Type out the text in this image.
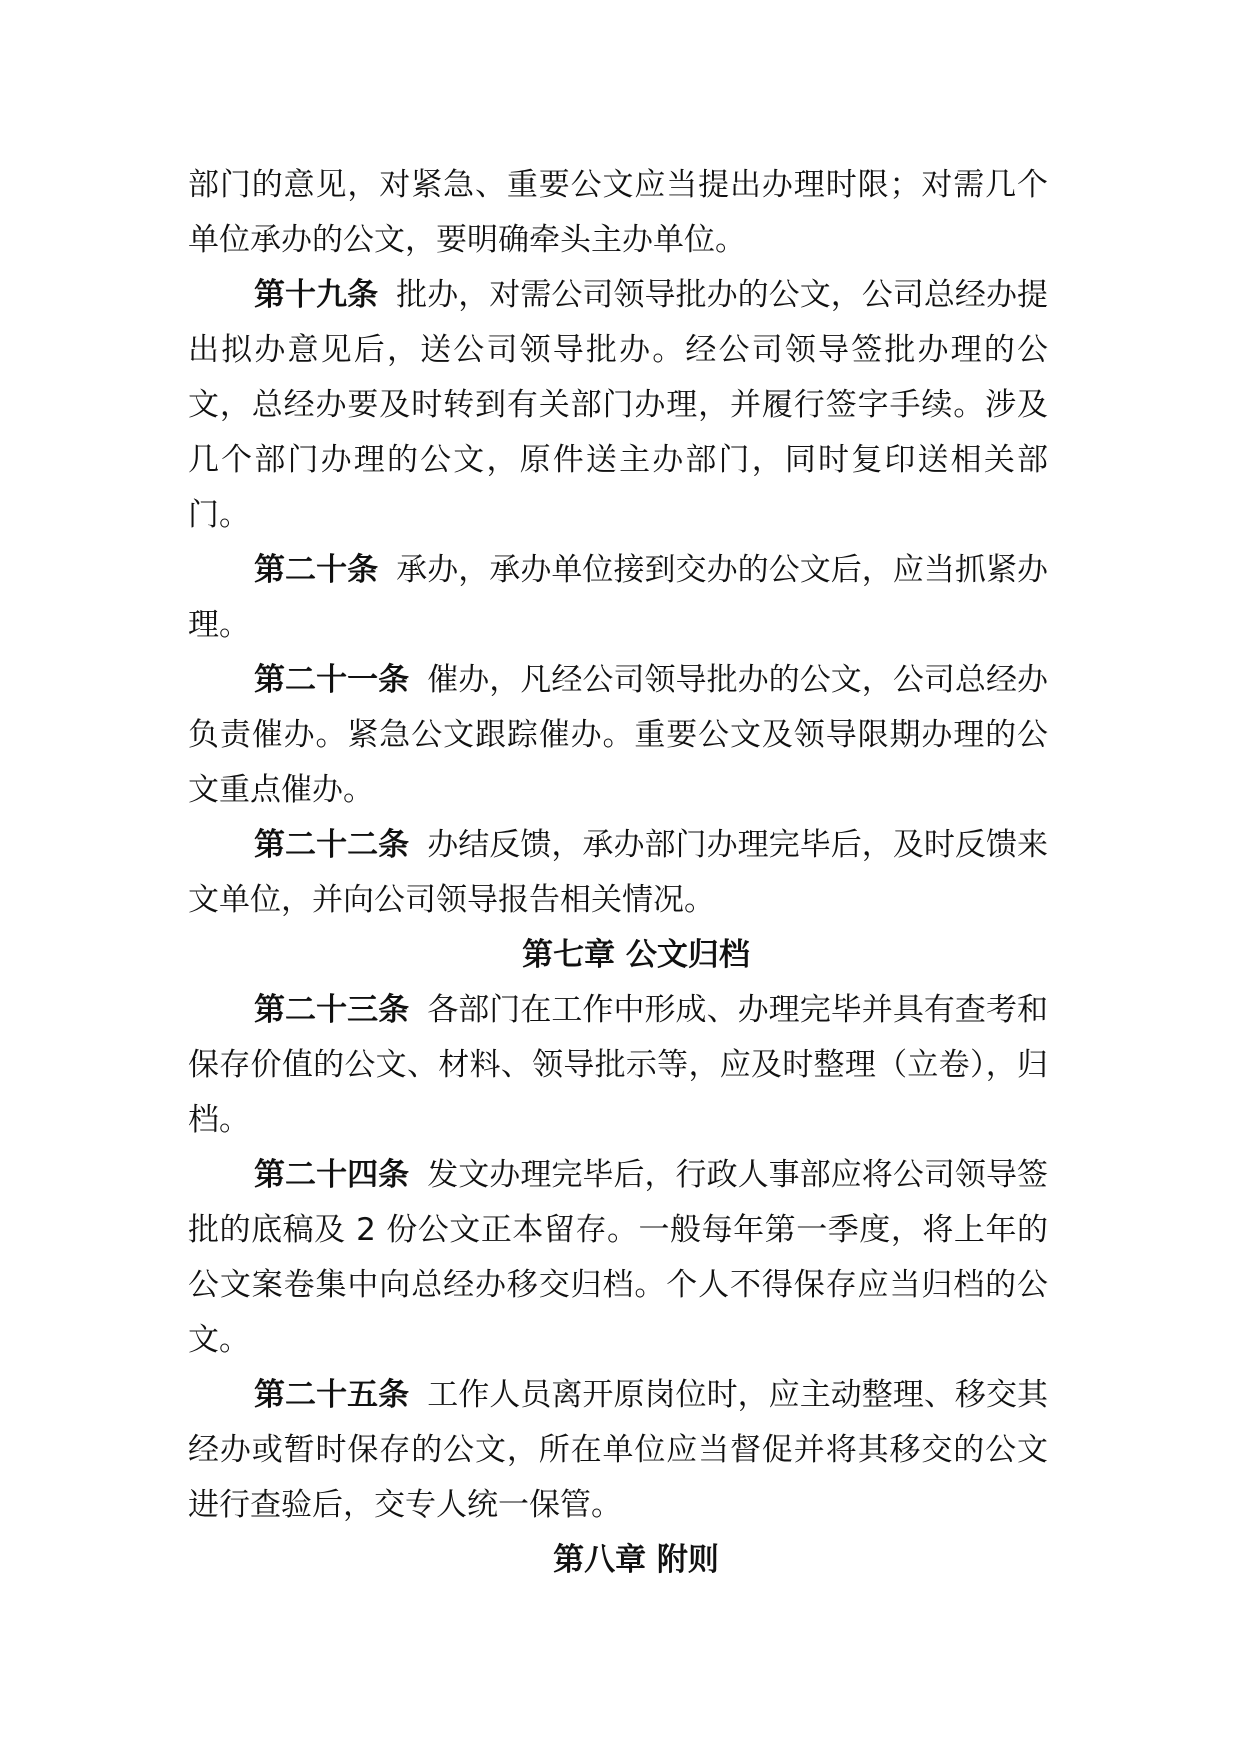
部门的意见，对紧急、重要公文应当提出办理时限；对需几个单位承办的公文，要明确牵头主办单位。

第十九条 批办，对需公司领导批办的公文，公司总经办提出拟办意见后，送公司领导批办。经公司领导签批办理的公文，总经办要及时转到有关部门办理，并履行签字手续。涉及几个部门办理的公文，原件送主办部门，同时复印送相关部门。

第二十条 承办，承办单位接到交办的公文后，应当抓紧办理。

第二十一条 催办，凡经公司领导批办的公文，公司总经办负责催办。紧急公文跟踪催办。重要公文及领导限期办理的公文重点催办。

第二十二条 办结反馈，承办部门办理完毕后，及时反馈来文单位，并向公司领导报告相关情况。

第七章 公文归档

第二十三条 各部门在工作中形成、办理完毕并具有查考和保存价值的公文、材料、领导批示等，应及时整理（立卷），归档。

第二十四条 发文办理完毕后，行政人事部应将公司领导签批的底稿及 2 份公文正本留存。一般每年第一季度，将上年的公文案卷集中向总经办移交归档。个人不得保存应当归档的公文。

第二十五条 工作人员离开原岗位时，应主动整理、移交其经办或暂时保存的公文，所在单位应当督促并将其移交的公文进行查验后，交专人统一保管。

第八章 附则
